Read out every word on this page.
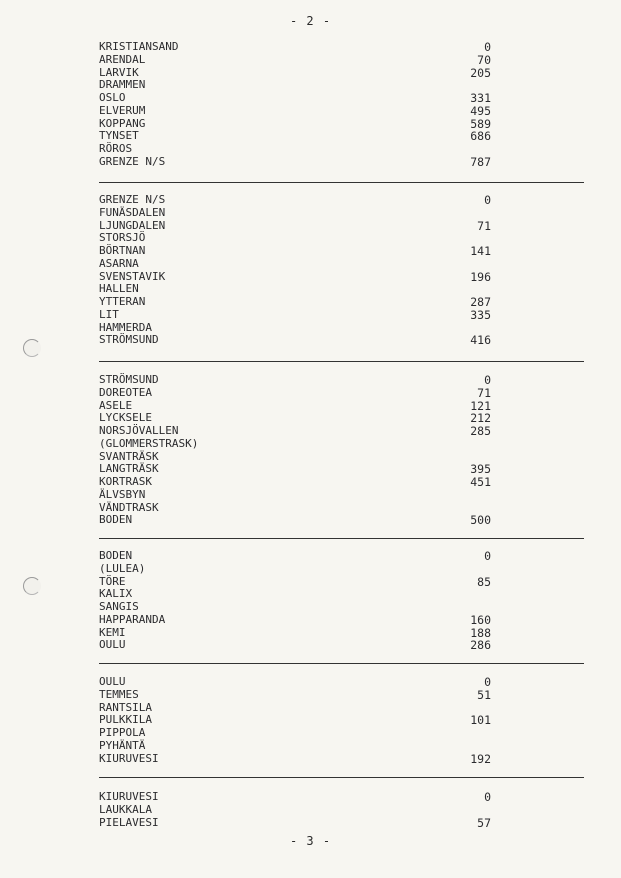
- 2 -
KRISTIANSAND	0
ARENDAL	70
LARVIK	205
DRAMMEN
OSLO	331
ELVERUM	495
KOPPANG	589
TYNSET	686
RÖROS
GRENZE N/S	787
GRENZE N/S	0
FUNÄSDALEN
LJUNGDALEN	71
STORSJÖ
BÖRTNAN	141
ASARNA
SVENSTAVIK	196
HALLEN
YTTERAN	287
LIT	335
HAMMERDA
STRÖMSUND	416
STRÖMSUND	0
DOREOTEA	71
ASELE	121
LYCKSELE	212
NORSJÖVALLEN	285
(GLOMMERSTRASK)
SVANTRÄSK
LANGTRÄSK	395
KORTRASK	451
ÄLVSBYN
VÄNDTRASK
BODEN	500
BODEN	0
(LULEA)
TÖRE	85
KALIX
SANGIS
HAPPARANDA	160
KEMI	188
OULU	286
OULU	0
TEMMES	51
RANTSILA
PULKKILA	101
PIPPOLA
PYHÄNTÄ
KIURUVESI	192
KIURUVESI	0
LAUKKALA
PIELAVESI	57
- 3 -
